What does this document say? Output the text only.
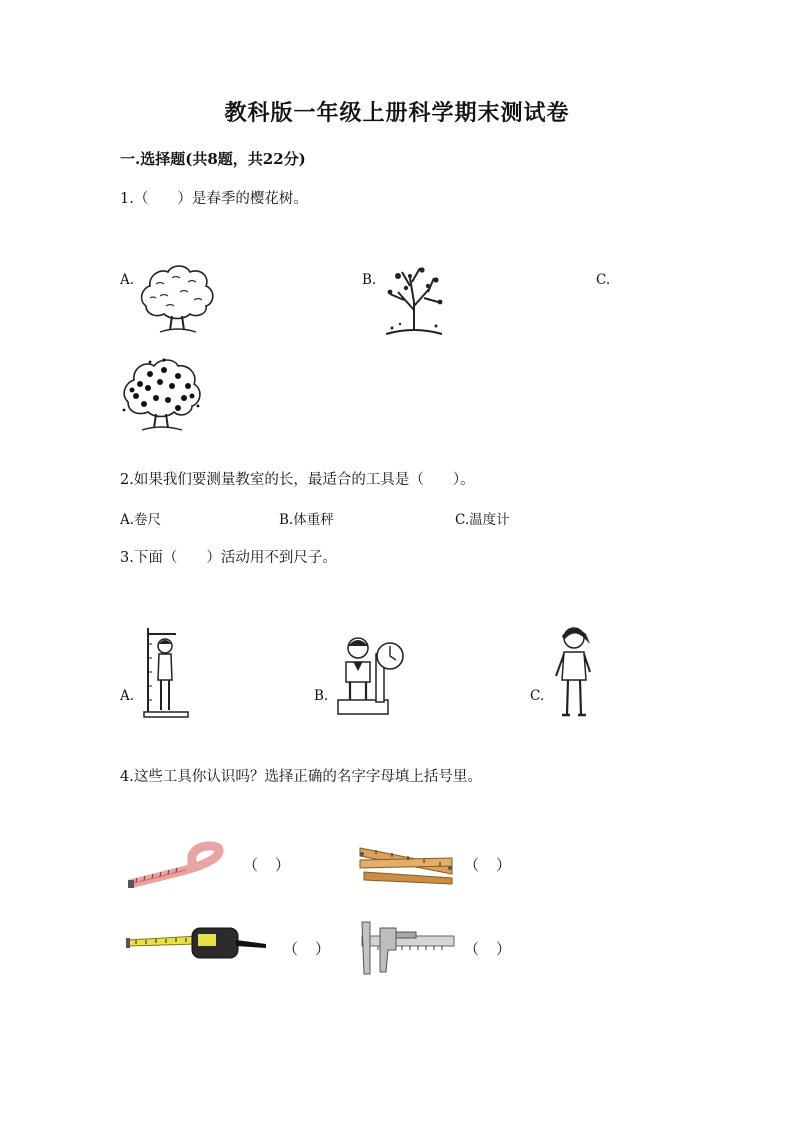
教科版一年级上册科学期末测试卷
一.选择题(共8题，共22分)
1.（　　）是春季的樱花树。
A.	B.	C.
2.如果我们要测量教室的长，最适合的工具是（　　）。
A.卷尺	B.体重秤	C.温度计
3.下面（　　）活动用不到尺子。
A.	B.	C.
4.这些工具你认识吗？选择正确的名字字母填上括号里。
（　）	（　）
（　）	（　）
